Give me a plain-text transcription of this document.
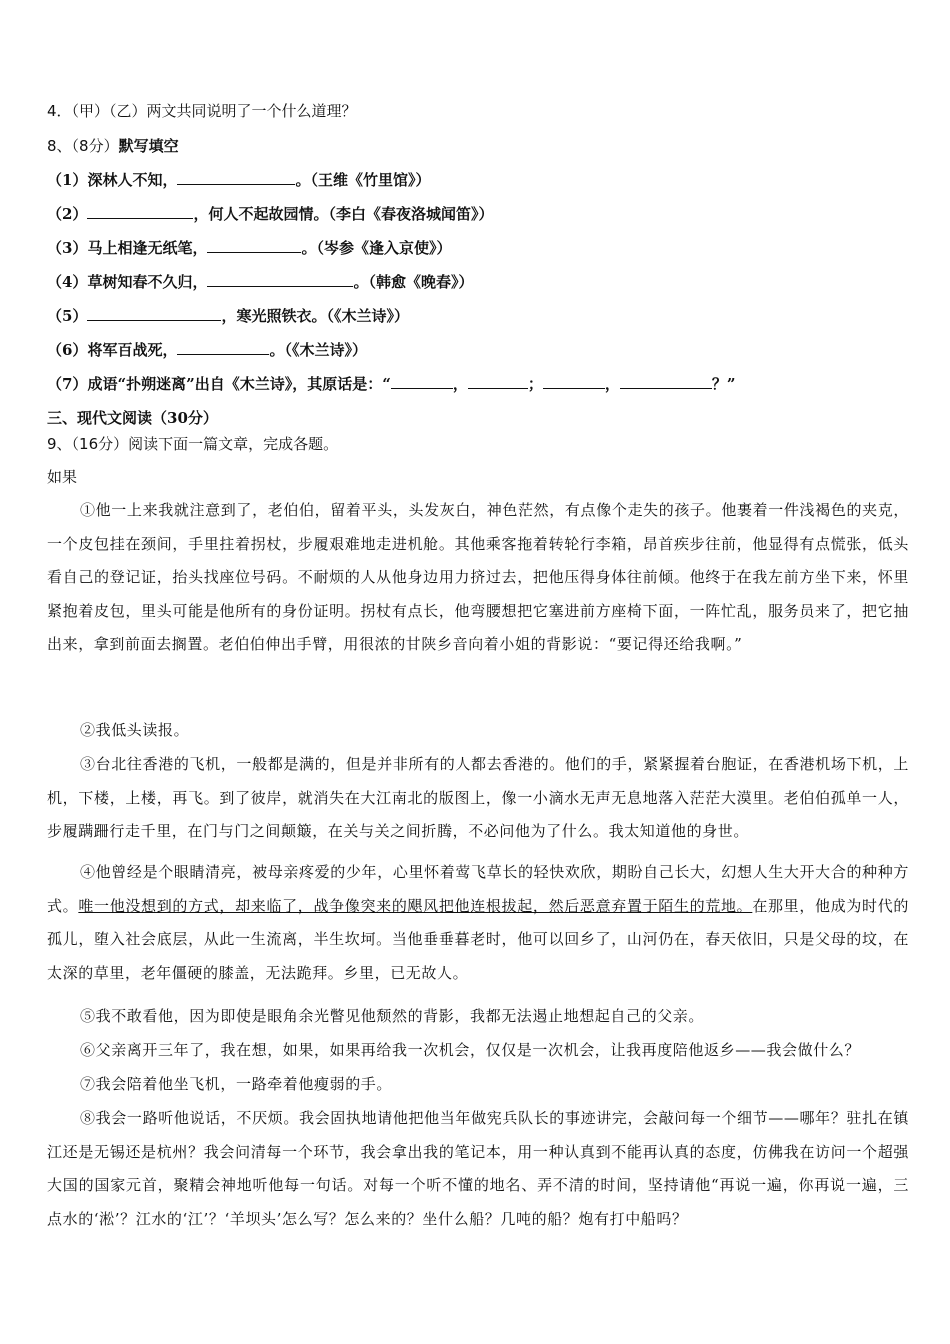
4．（甲）（乙）两文共同说明了一个什么道理？
8、（8分）默写填空
（1）深林人不知，	。（王维《竹里馆》）
（2）	，何人不起故园情。（李白《春夜洛城闻笛》）
（3）马上相逢无纸笔，	。（岑参《逢入京使》）
（4）草树知春不久归，	。（韩愈《晚春》）
（5）	，寒光照铁衣。（《木兰诗》）
（6）将军百战死，	。（《木兰诗》）
（7）成语“扑朔迷离”出自《木兰诗》，其原话是：“	，	；	，	？”
三、现代文阅读（30分）
9、（16分）阅读下面一篇文章，完成各题。
如果
①他一上来我就注意到了，老伯伯，留着平头，头发灰白，神色茫然，有点像个走失的孩子。他裹着一件浅褐色的夹克，一个皮包挂在颈间，手里拄着拐杖，步履艰难地走进机舱。其他乘客拖着转轮行李箱，昂首疾步往前，他显得有点慌张，低头看自己的登记证，抬头找座位号码。不耐烦的人从他身边用力挤过去，把他压得身体往前倾。他终于在我左前方坐下来，怀里紧抱着皮包，里头可能是他所有的身份证明。拐杖有点长，他弯腰想把它塞进前方座椅下面，一阵忙乱，服务员来了，把它抽出来，拿到前面去搁置。老伯伯伸出手臂，用很浓的甘陕乡音向着小姐的背影说：“要记得还给我啊。”
②我低头读报。
③台北往香港的飞机，一般都是满的，但是并非所有的人都去香港的。他们的手，紧紧握着台胞证，在香港机场下机，上机，下楼，上楼，再飞。到了彼岸，就消失在大江南北的版图上，像一小滴水无声无息地落入茫茫大漠里。老伯伯孤单一人，步履蹒跚行走千里，在门与门之间颠簸，在关与关之间折腾，不必问他为了什么。我太知道他的身世。
④他曾经是个眼睛清亮，被母亲疼爱的少年，心里怀着莺飞草长的轻快欢欣，期盼自己长大，幻想人生大开大合的种种方式。唯一他没想到的方式，却来临了，战争像突来的飓风把他连根拔起，然后恶意弃置于陌生的荒地。在那里，他成为时代的孤儿，堕入社会底层，从此一生流离，半生坎坷。当他垂垂暮老时，他可以回乡了，山河仍在，春天依旧，只是父母的坟，在太深的草里，老年僵硬的膝盖，无法跪拜。乡里，已无故人。
⑤我不敢看他，因为即使是眼角余光瞥见他颓然的背影，我都无法遏止地想起自己的父亲。
⑥父亲离开三年了，我在想，如果，如果再给我一次机会，仅仅是一次机会，让我再度陪他返乡——我会做什么？
⑦我会陪着他坐飞机，一路牵着他瘦弱的手。
⑧我会一路听他说话，不厌烦。我会固执地请他把他当年做宪兵队长的事迹讲完，会敲问每一个细节——哪年？驻扎在镇江还是无锡还是杭州？我会问清每一个环节，我会拿出我的笔记本，用一种认真到不能再认真的态度，仿佛我在访问一个超强大国的国家元首，聚精会神地听他每一句话。对每一个听不懂的地名、弄不清的时间，坚持请他“再说一遍，你再说一遍，三点水的‘淞’？江水的‘江’？‘羊坝头’怎么写？怎么来的？坐什么船？几吨的船？炮有打中船吗？
